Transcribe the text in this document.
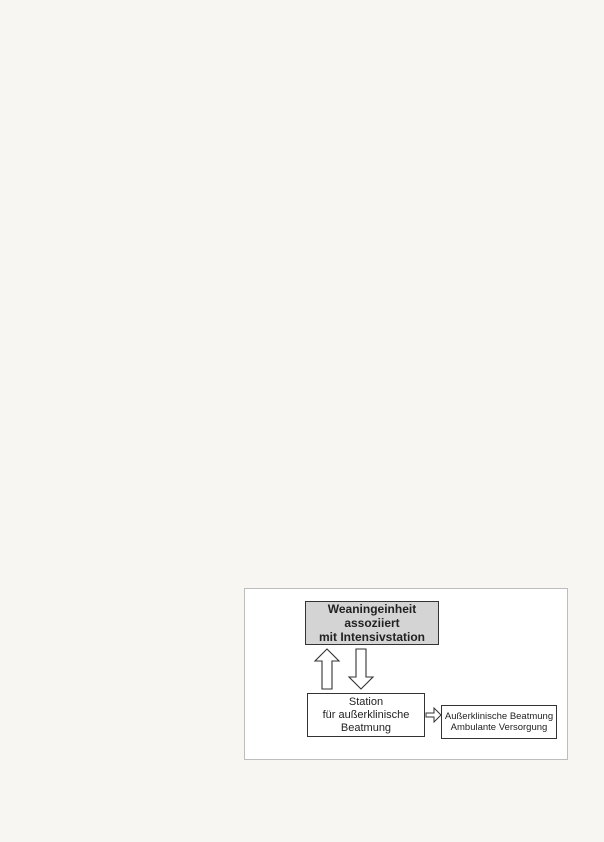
Weaningeinheit
assoziiert
mit Intensivstation
Station
für außerklinische
Beatmung
Außerklinische Beatmung
Ambulante Versorgung
